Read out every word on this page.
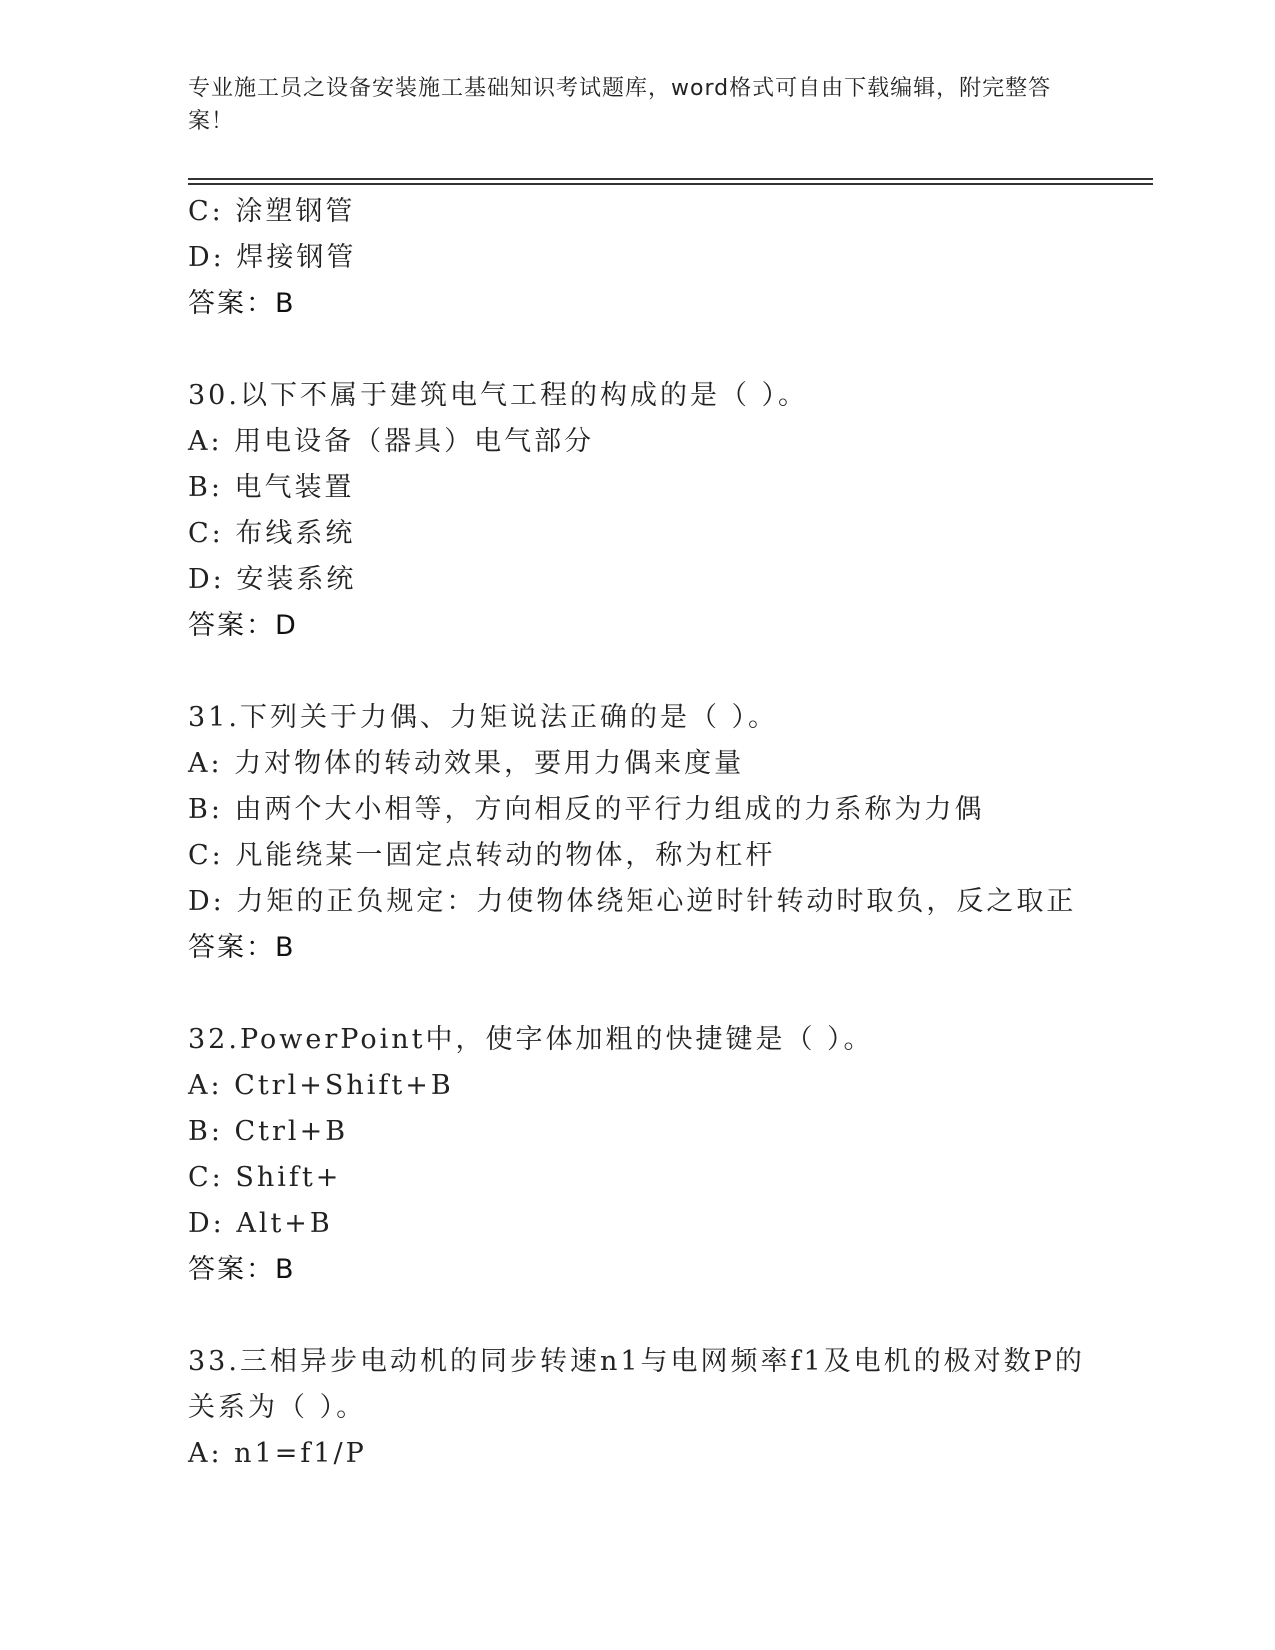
专业施工员之设备安装施工基础知识考试题库，word格式可自由下载编辑，附完整答案！
C: 涂塑钢管
D: 焊接钢管
答案：B
30.以下不属于建筑电气工程的构成的是（ ）。
A: 用电设备（器具）电气部分
B: 电气装置
C: 布线系统
D: 安装系统
答案：D
31.下列关于力偶、力矩说法正确的是（ ）。
A: 力对物体的转动效果，要用力偶来度量
B: 由两个大小相等，方向相反的平行力组成的力系称为力偶
C: 凡能绕某一固定点转动的物体，称为杠杆
D: 力矩的正负规定：力使物体绕矩心逆时针转动时取负，反之取正
答案：B
32.PowerPoint中，使字体加粗的快捷键是（ ）。
A: Ctrl+Shift+B
B: Ctrl+B
C: Shift+
D: Alt+B
答案：B
33.三相异步电动机的同步转速n1与电网频率f1及电机的极对数P的
关系为（ ）。
A: n1=f1/P
